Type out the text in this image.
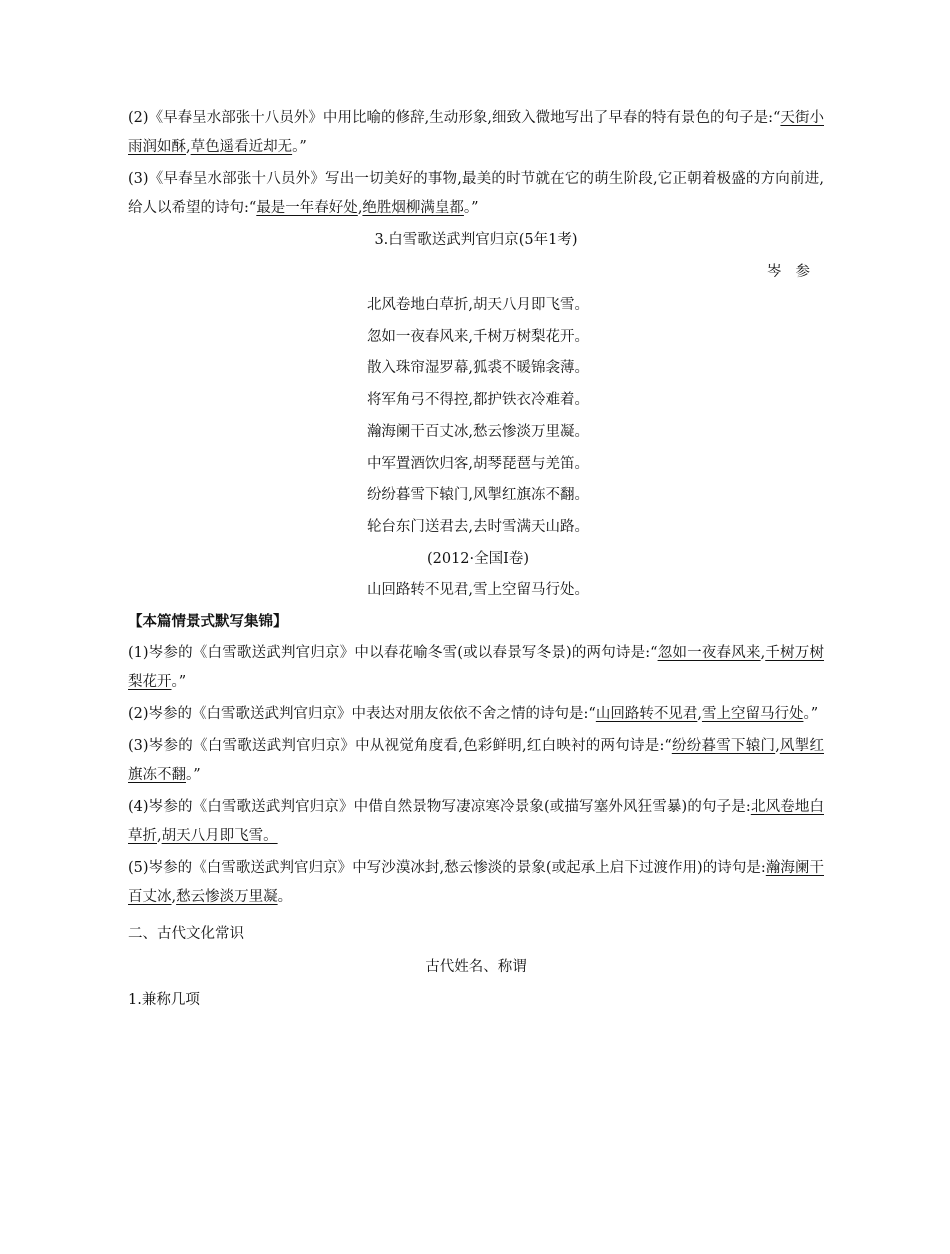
(2)《早春呈水部张十八员外》中用比喻的修辞,生动形象,细致入微地写出了早春的特有景色的句子是:“天街小雨润如酥,草色遥看近却无。”

(3)《早春呈水部张十八员外》写出一切美好的事物,最美的时节就在它的萌生阶段,它正朝着极盛的方向前进,给人以希望的诗句:“最是一年春好处,绝胜烟柳满皇都。”

3.白雪歌送武判官归京(5年1考)

岑参

北风卷地白草折,胡天八月即飞雪。

忽如一夜春风来,千树万树梨花开。

散入珠帘湿罗幕,狐裘不暖锦衾薄。

将军角弓不得控,都护铁衣冷难着。

瀚海阑干百丈冰,愁云惨淡万里凝。

中军置酒饮归客,胡琴琵琶与羌笛。

纷纷暮雪下辕门,风掣红旗冻不翻。

轮台东门送君去,去时雪满天山路。

(2012·全国Ⅰ卷)

山回路转不见君,雪上空留马行处。

【本篇情景式默写集锦】

(1)岑参的《白雪歌送武判官归京》中以春花喻冬雪(或以春景写冬景)的两句诗是:“忽如一夜春风来,千树万树梨花开。”

(2)岑参的《白雪歌送武判官归京》中表达对朋友依依不舍之情的诗句是:“山回路转不见君,雪上空留马行处。”

(3)岑参的《白雪歌送武判官归京》中从视觉角度看,色彩鲜明,红白映衬的两句诗是:“纷纷暮雪下辕门,风掣红旗冻不翻。”

(4)岑参的《白雪歌送武判官归京》中借自然景物写凄凉寒冷景象(或描写塞外风狂雪暴)的句子是:北风卷地白草折,胡天八月即飞雪。

(5)岑参的《白雪歌送武判官归京》中写沙漠冰封,愁云惨淡的景象(或起承上启下过渡作用)的诗句是:瀚海阑干百丈冰,愁云惨淡万里凝。

二、古代文化常识

古代姓名、称谓

1.兼称几项
